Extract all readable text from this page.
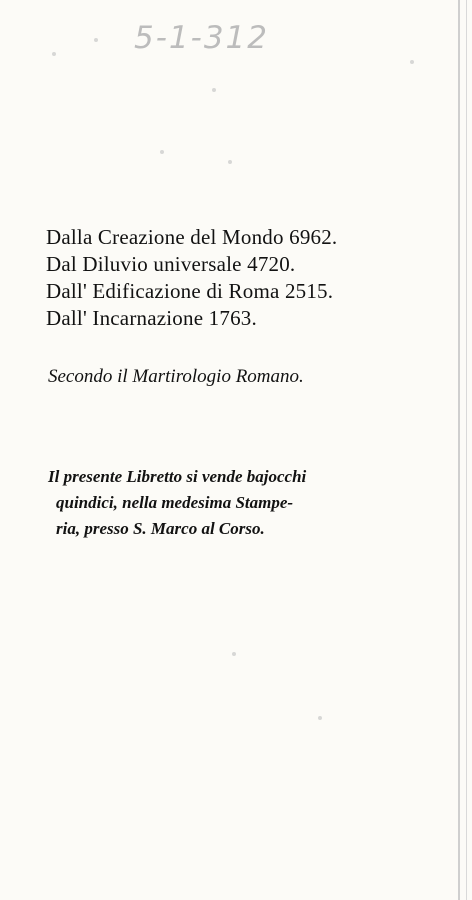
5-1-312
Dalla Creazione del Mondo 6962.
Dal Diluvio universale 4720.
Dall' Edificazione di Roma 2515.
Dall' Incarnazione 1763.
Secondo il Martirologio Romano.
Il presente Libretto si vende bajocchi
quindici, nella medesima Stampe-
ria, presso S. Marco al Corso.
